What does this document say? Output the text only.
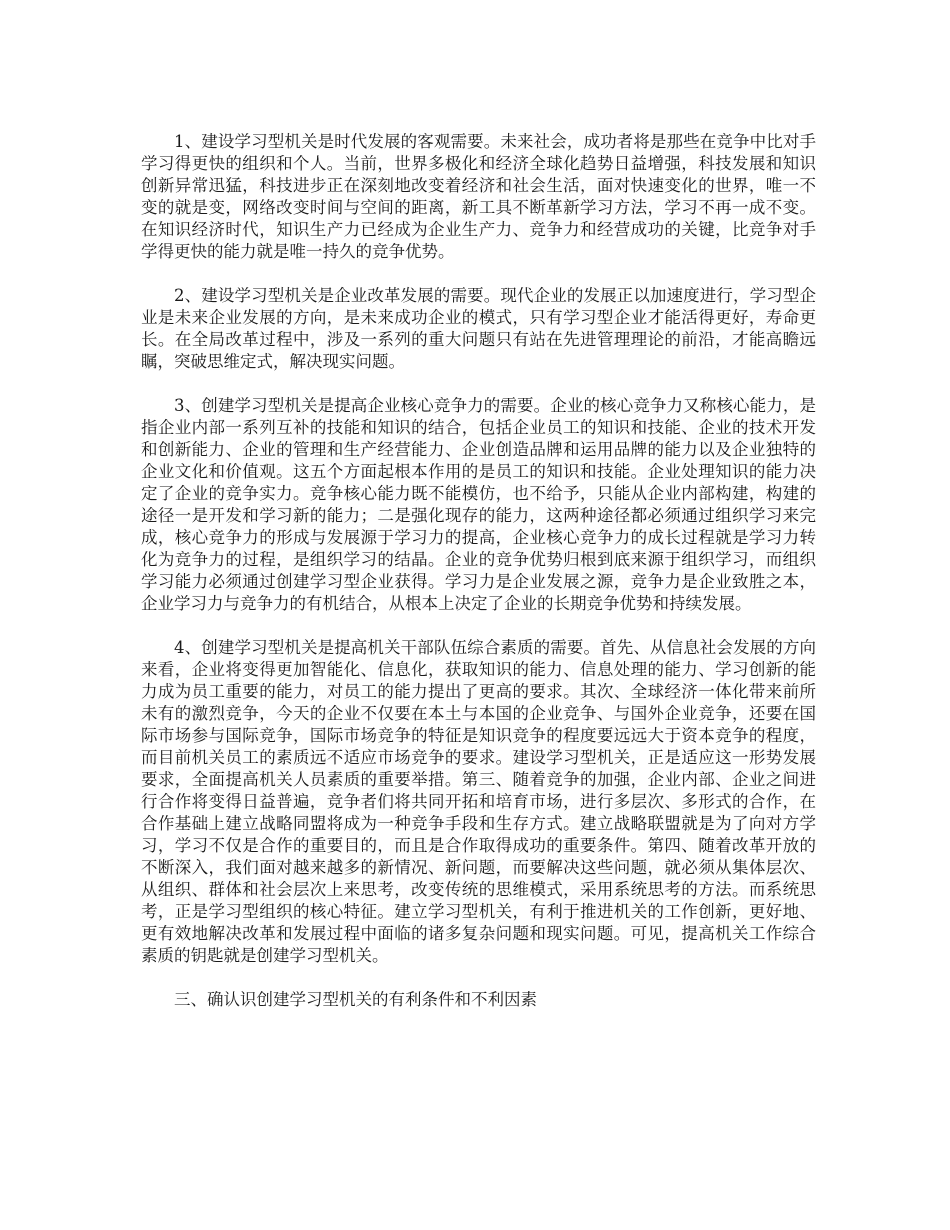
1、建设学习型机关是时代发展的客观需要。未来社会，成功者将是那些在竞争中比对手学习得更快的组织和个人。当前，世界多极化和经济全球化趋势日益增强，科技发展和知识创新异常迅猛，科技进步正在深刻地改变着经济和社会生活，面对快速变化的世界，唯一不变的就是变，网络改变时间与空间的距离，新工具不断革新学习方法，学习不再一成不变。在知识经济时代，知识生产力已经成为企业生产力、竞争力和经营成功的关键，比竞争对手学得更快的能力就是唯一持久的竞争优势。

2、建设学习型机关是企业改革发展的需要。现代企业的发展正以加速度进行，学习型企业是未来企业发展的方向，是未来成功企业的模式，只有学习型企业才能活得更好，寿命更长。在全局改革过程中，涉及一系列的重大问题只有站在先进管理理论的前沿，才能高瞻远瞩，突破思维定式，解决现实问题。

3、创建学习型机关是提高企业核心竞争力的需要。企业的核心竞争力又称核心能力，是指企业内部一系列互补的技能和知识的结合，包括企业员工的知识和技能、企业的技术开发和创新能力、企业的管理和生产经营能力、企业创造品牌和运用品牌的能力以及企业独特的企业文化和价值观。这五个方面起根本作用的是员工的知识和技能。企业处理知识的能力决定了企业的竞争实力。竞争核心能力既不能模仿，也不给予，只能从企业内部构建，构建的途径一是开发和学习新的能力；二是强化现存的能力，这两种途径都必须通过组织学习来完成，核心竞争力的形成与发展源于学习力的提高，企业核心竞争力的成长过程就是学习力转化为竞争力的过程，是组织学习的结晶。企业的竞争优势归根到底来源于组织学习，而组织学习能力必须通过创建学习型企业获得。学习力是企业发展之源，竞争力是企业致胜之本，企业学习力与竞争力的有机结合，从根本上决定了企业的长期竞争优势和持续发展。

4、创建学习型机关是提高机关干部队伍综合素质的需要。首先、从信息社会发展的方向来看，企业将变得更加智能化、信息化，获取知识的能力、信息处理的能力、学习创新的能力成为员工重要的能力，对员工的能力提出了更高的要求。其次、全球经济一体化带来前所未有的激烈竞争，今天的企业不仅要在本土与本国的企业竞争、与国外企业竞争，还要在国际市场参与国际竞争，国际市场竞争的特征是知识竞争的程度要远远大于资本竞争的程度，而目前机关员工的素质远不适应市场竞争的要求。建设学习型机关，正是适应这一形势发展要求，全面提高机关人员素质的重要举措。第三、随着竞争的加强，企业内部、企业之间进行合作将变得日益普遍，竞争者们将共同开拓和培育市场，进行多层次、多形式的合作，在合作基础上建立战略同盟将成为一种竞争手段和生存方式。建立战略联盟就是为了向对方学习，学习不仅是合作的重要目的，而且是合作取得成功的重要条件。第四、随着改革开放的不断深入，我们面对越来越多的新情况、新问题，而要解决这些问题，就必须从集体层次、从组织、群体和社会层次上来思考，改变传统的思维模式，采用系统思考的方法。而系统思考，正是学习型组织的核心特征。建立学习型机关，有利于推进机关的工作创新，更好地、更有效地解决改革和发展过程中面临的诸多复杂问题和现实问题。可见，提高机关工作综合素质的钥匙就是创建学习型机关。

三、确认识创建学习型机关的有利条件和不利因素
